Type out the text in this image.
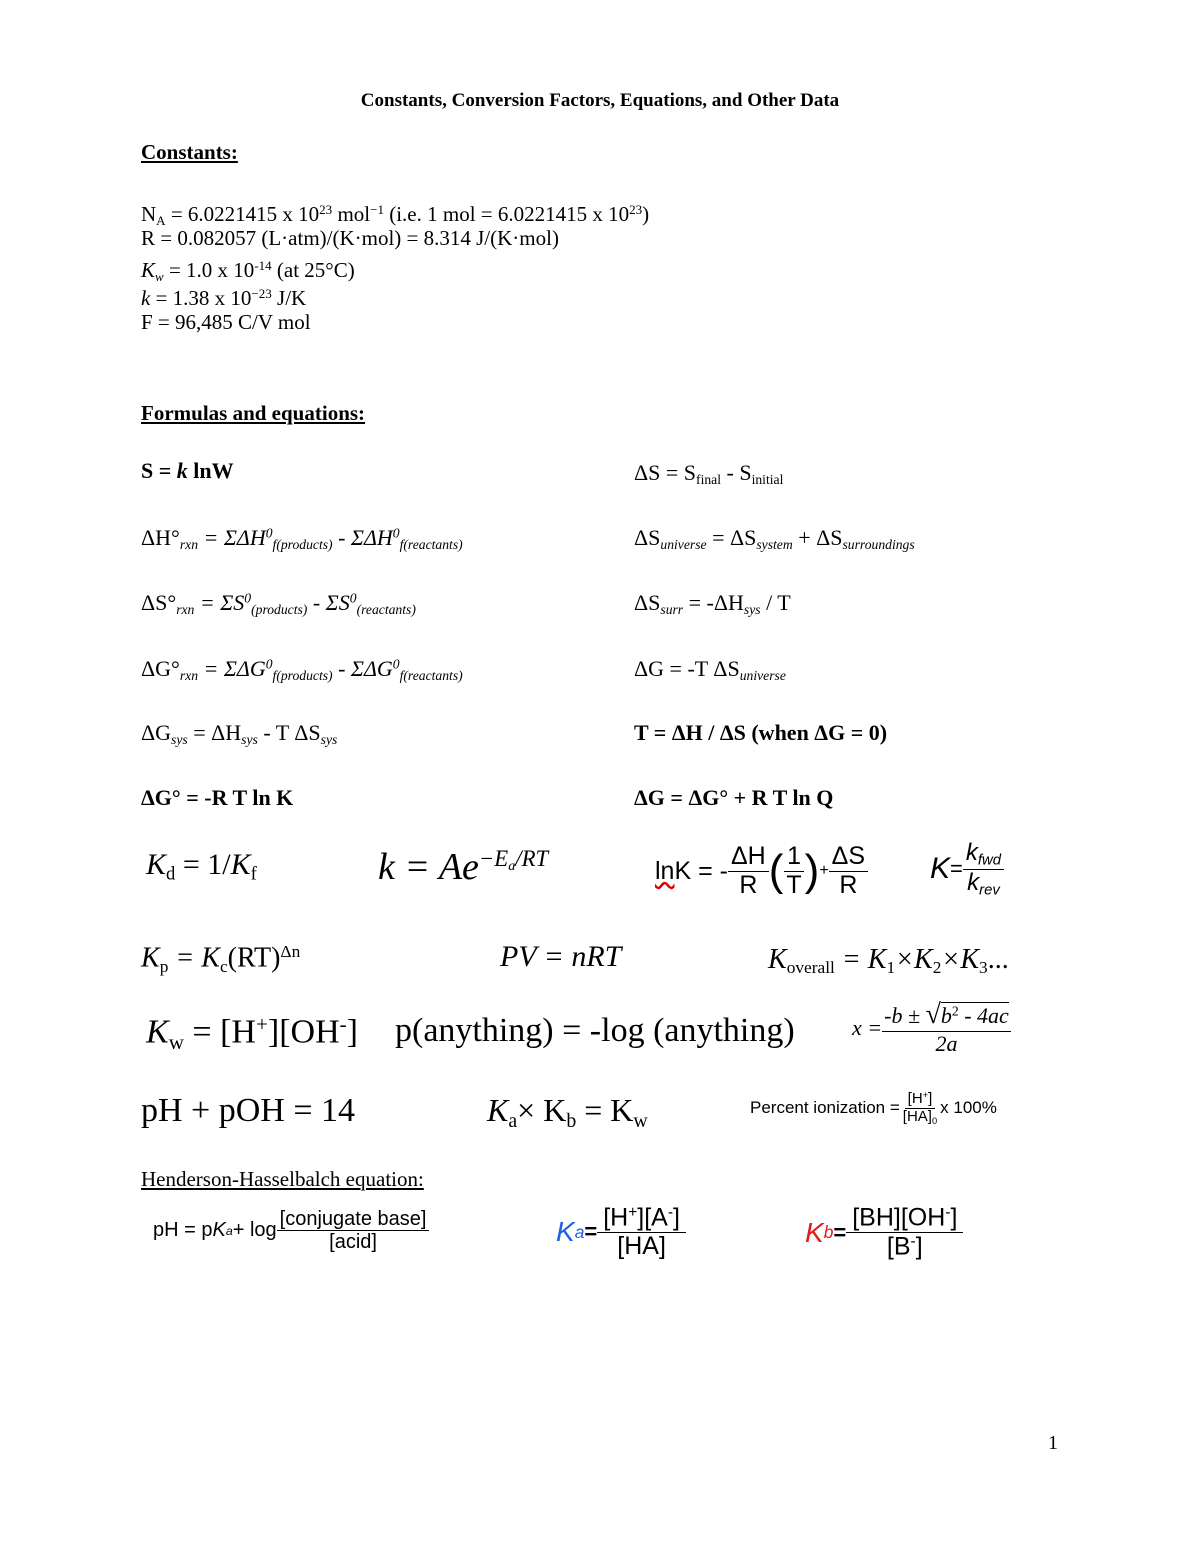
Constants, Conversion Factors, Equations, and Other Data
Constants:
$N_A = 6.0221415$ x $10^{23}$ mol$^{-1}$ (i.e. 1 mol = 6.0221415 x $10^{23}$)
R = 0.082057 (L·atm)/(K·mol) = 8.314 J/(K·mol)
$K_w = 1.0$ x $10^{-14}$ (at 25°C)
k = 1.38 x $10^{-23}$ J/K
F = 96,485 C/V mol
Formulas and equations:
S = k lnW	$\Delta S = S_{final} - S_{initial}$
$\Delta H^\circ_{rxn} = \Sigma\Delta H^0_{f(products)} - \Sigma\Delta H^0_{f(reactants)}$	$\Delta S_{universe} = \Delta S_{system} + \Delta S_{surroundings}$
$\Delta S^\circ_{rxn} = \Sigma S^0_{(products)} - \Sigma S^0_{(reactants)}$	$\Delta S_{surr} = -\Delta H_{sys} / T$
$\Delta G^\circ_{rxn} = \Sigma\Delta G^0_{f(products)} - \Sigma\Delta G^0_{f(reactants)}$	ΔG = -T $\Delta S_{universe}$
$\Delta G_{sys} = \Delta H_{sys} - T$ $\Delta S_{sys}$	T = ΔH / ΔS (when ΔG = 0)
ΔG° = -R T ln K	ΔG = ΔG° + R T ln Q
$K_d = 1/K_f$	$k = Ae^{-E_a/RT}$	ln K = - $\frac{\Delta H}{R}$ ( $\frac{1}{T}$ ) + $\frac{\Delta S}{R}$ $K = \frac{k_{fwd}}{k_{rev}}$
$K_p = K_c(RT)^{\Delta n}$	PV = nRT	$K_{overall} = K_1\times K_2\times K_3$...
$K_w = [H^+][OH^-]$ p(anything) = -log (anything)	$x = \frac{-b \pm √b^2 - 4ac}{2a}$
pH + pOH = 14	$K_a\times K_b = K_w$
Percent ionization = $\frac{[H^+]}{[HA]_0}$ x 100%
Henderson-Hasselbalch equation:
pH = p K $a + \log \frac{\text{[conjugate base]}}{\text{[acid]}}$	K $a = \frac{[H^+][A^-]}{[HA]}$	K $b = \frac{[BH][OH^-]}{[B^-]}$
1
